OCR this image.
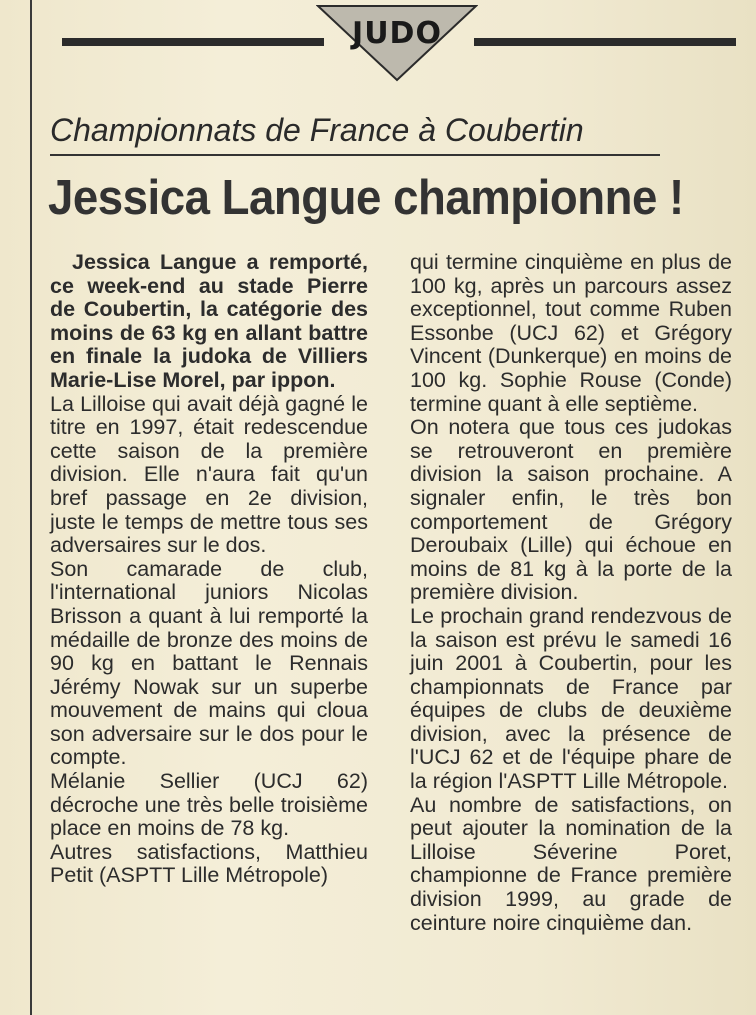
JUDO
Championnats de France à Coubertin
Jessica Langue championne !

Jessica Langue a remporté, ce week-end au stade Pierre de Coubertin, la catégorie des moins de 63 kg en allant battre en finale la judoka de Villiers Marie-Lise Morel, par ippon.

La Lilloise qui avait déjà gagné le titre en 1997, était redescendue cette saison de la première division. Elle n'aura fait qu'un bref passage en 2e division, juste le temps de mettre tous ses adversaires sur le dos.

Son camarade de club, l'international juniors Nicolas Brisson a quant à lui remporté la médaille de bronze des moins de 90 kg en battant le Rennais Jérémy Nowak sur un superbe mouvement de mains qui cloua son adversaire sur le dos pour le compte.

Mélanie Sellier (UCJ 62) décroche une très belle troisième place en moins de 78 kg.

Autres satisfactions, Matthieu Petit (ASPTT Lille Métropole)

qui termine cinquième en plus de 100 kg, après un parcours assez exceptionnel, tout comme Ruben Essonbe (UCJ 62) et Grégory Vincent (Dunkerque) en moins de 100 kg. Sophie Rouse (Conde) termine quant à elle septième.

On notera que tous ces judokas se retrouveront en première division la saison prochaine. A signaler enfin, le très bon comportement de Grégory Deroubaix (Lille) qui échoue en moins de 81 kg à la porte de la première division.

Le prochain grand rendezvous de la saison est prévu le samedi 16 juin 2001 à Coubertin, pour les championnats de France par équipes de clubs de deuxième division, avec la présence de l'UCJ 62 et de l'équipe phare de la région l'ASPTT Lille Métropole.

Au nombre de satisfactions, on peut ajouter la nomination de la Lilloise Séverine Poret, championne de France première division 1999, au grade de ceinture noire cinquième dan.
